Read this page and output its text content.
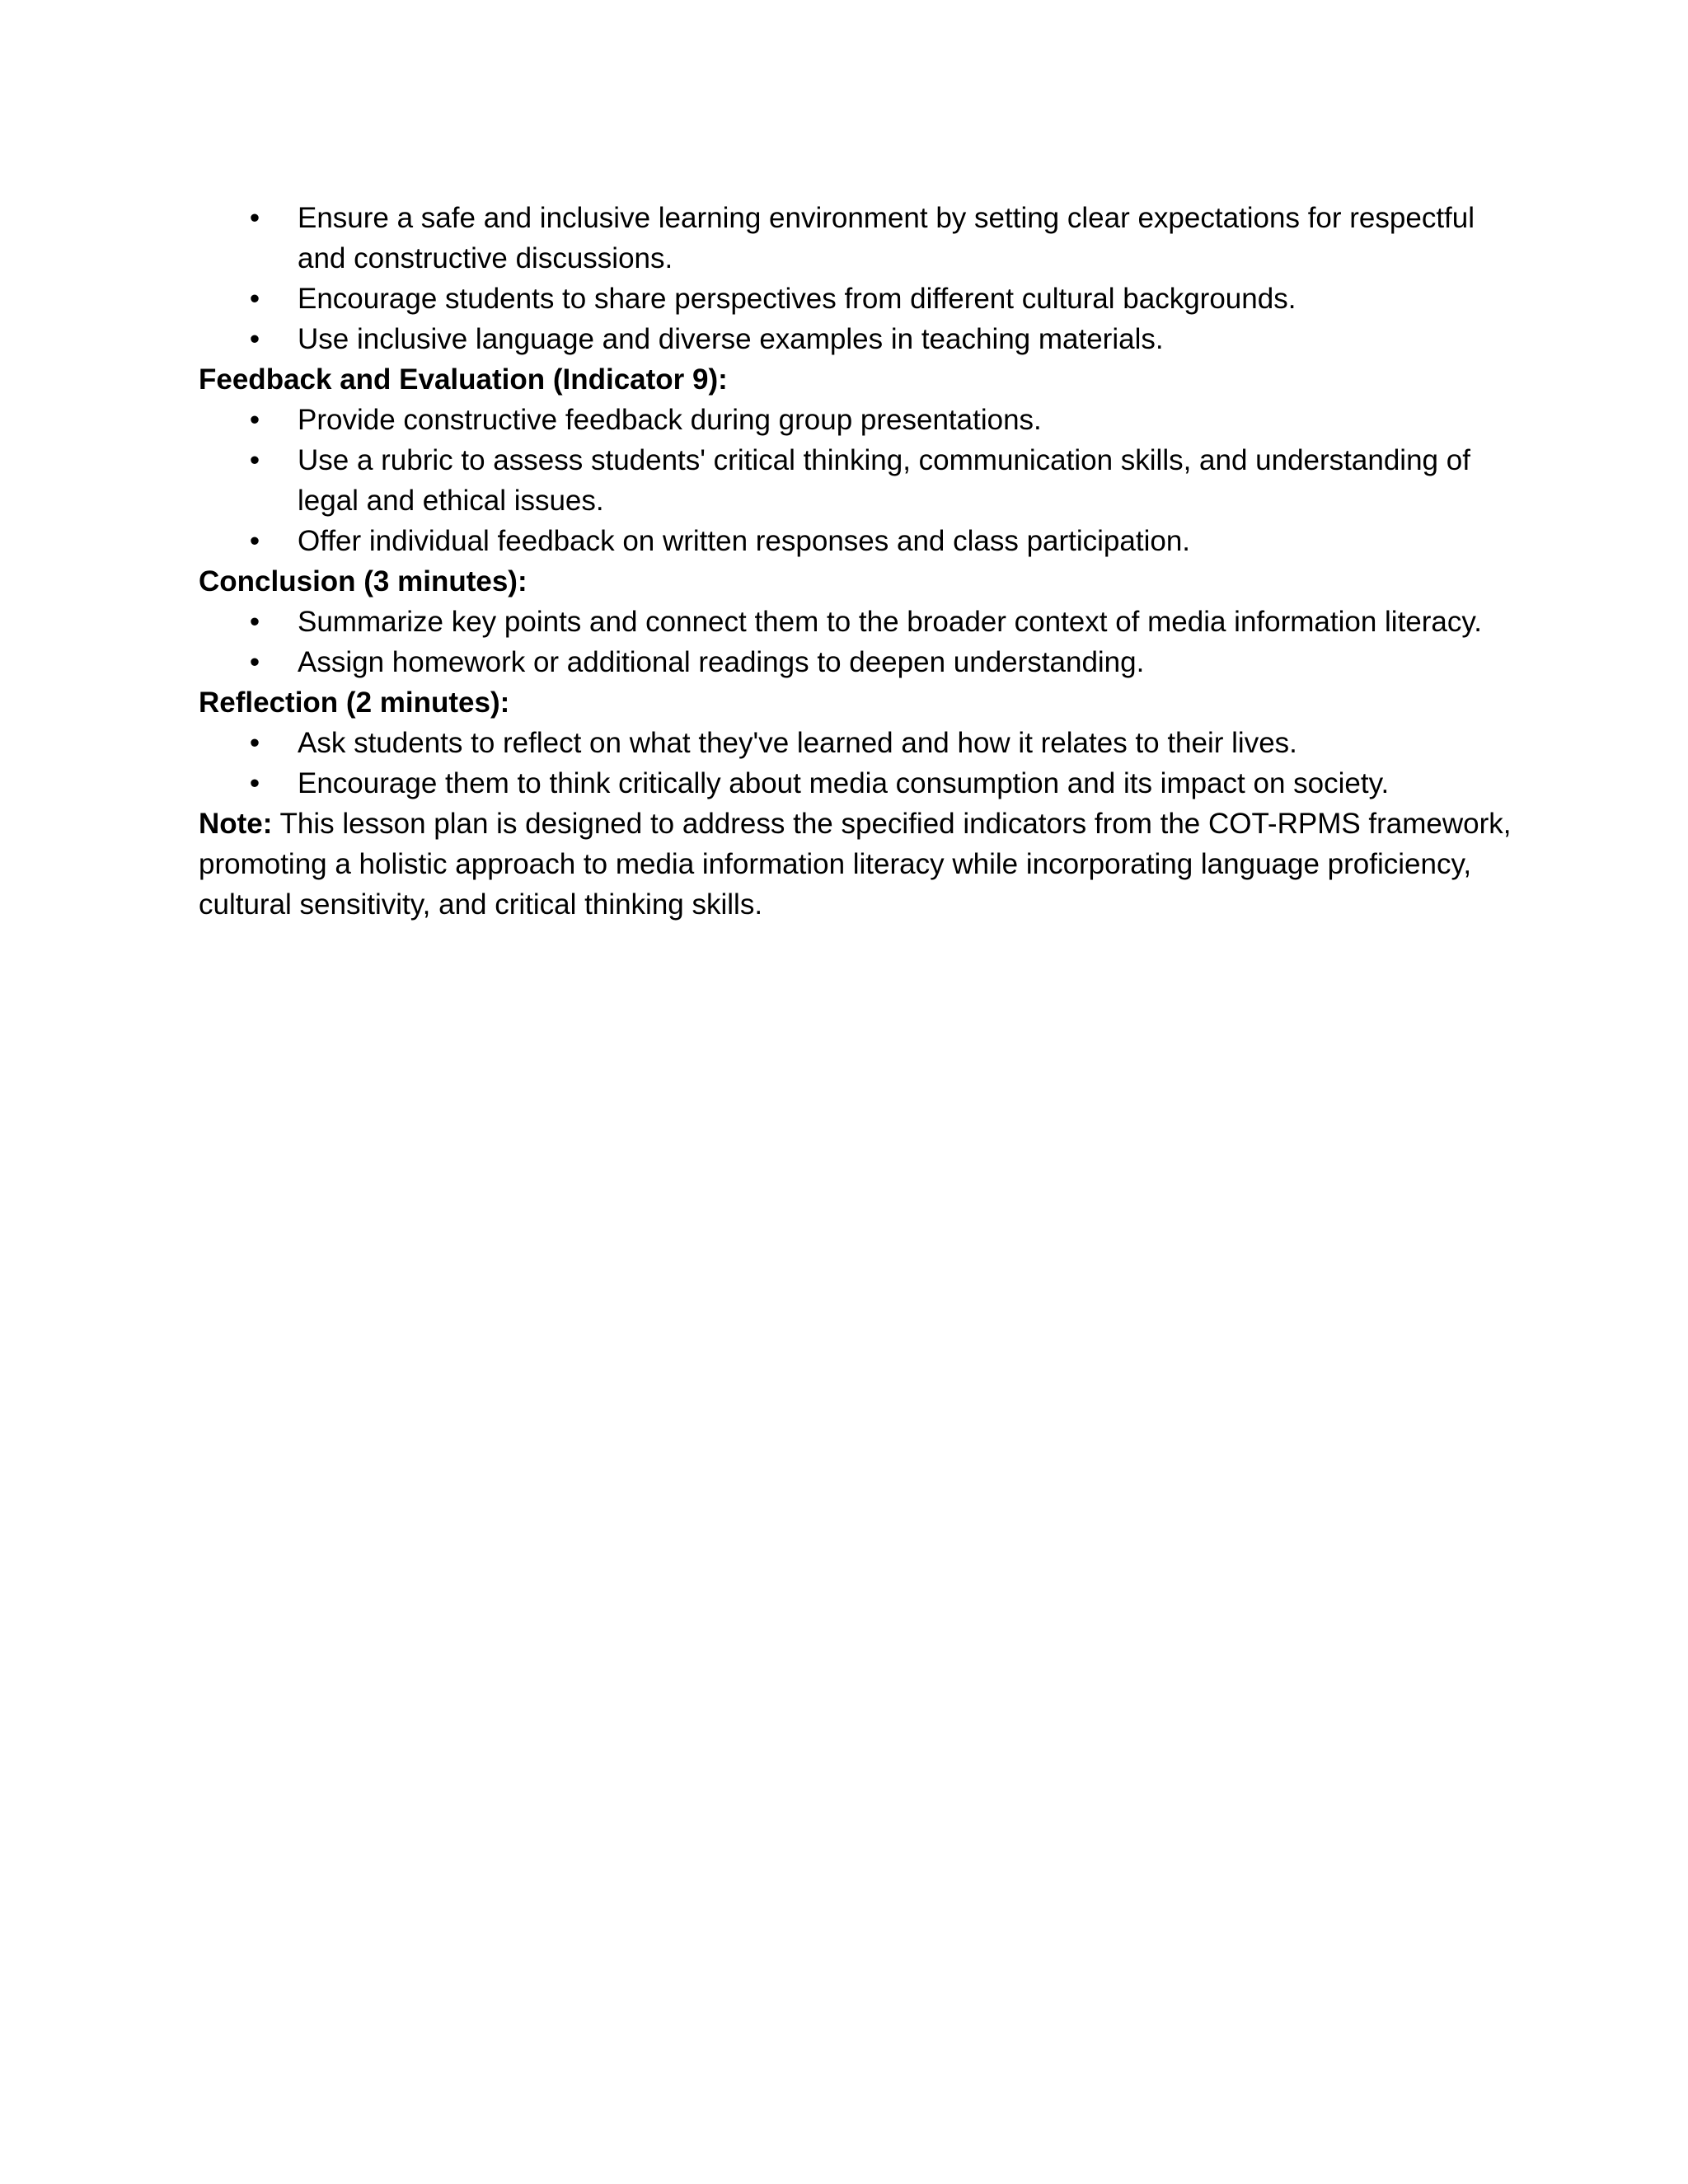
• Ensure a safe and inclusive learning environment by setting clear expectations for respectful and constructive discussions.
• Encourage students to share perspectives from different cultural backgrounds.
• Use inclusive language and diverse examples in teaching materials.

Feedback and Evaluation (Indicator 9):

• Provide constructive feedback during group presentations.
• Use a rubric to assess students' critical thinking, communication skills, and understanding of legal and ethical issues.
• Offer individual feedback on written responses and class participation.

Conclusion (3 minutes):

• Summarize key points and connect them to the broader context of media information literacy.
• Assign homework or additional readings to deepen understanding.

Reflection (2 minutes):

• Ask students to reflect on what they've learned and how it relates to their lives.
• Encourage them to think critically about media consumption and its impact on society.

Note: This lesson plan is designed to address the specified indicators from the COT-RPMS framework, promoting a holistic approach to media information literacy while incorporating language proficiency, cultural sensitivity, and critical thinking skills.
